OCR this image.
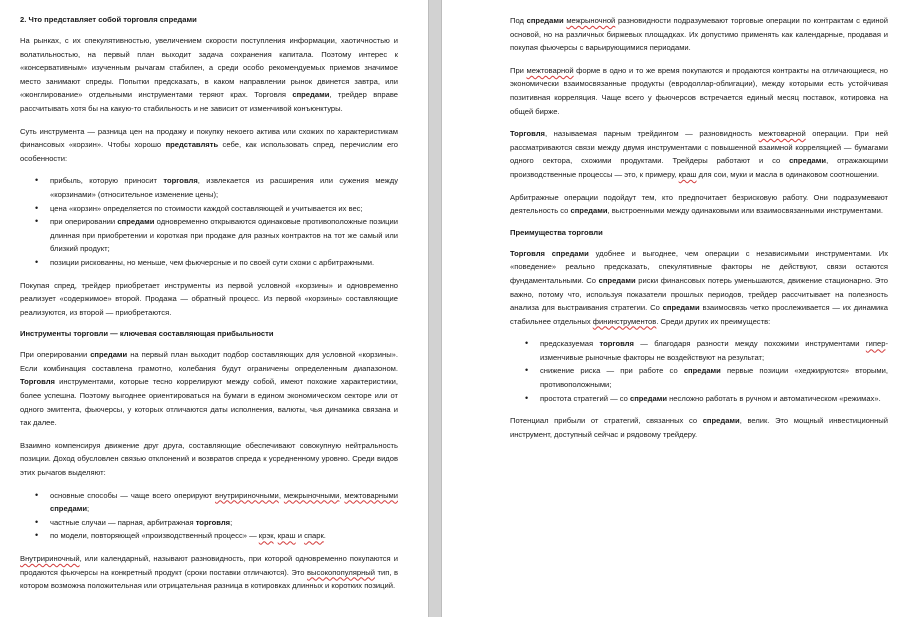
2. Что представляет собой торговля спредами

На рынках, с их спекулятивностью, увеличением скорости поступления информации, хаотичностью и волатильностью, на первый план выходит задача сохранения капитала. Поэтому интерес к «консервативным» изученным рычагам стабилен, а среди особо рекомендуемых приемов значимое место занимают спреды. Попытки предсказать, в каком направлении рынок двинется завтра, или «жонглирование» отдельными инструментами теряют крах. Торговля спредами, трейдер вправе рассчитывать хотя бы на какую-то стабильность и не зависит от изменчивой конъюнктуры.

Суть инструмента — разница цен на продажу и покупку некоего актива или схожих по характеристикам финансовых «корзин». Чтобы хорошо представлять себе, как использовать спред, перечислим его особенности:

• прибыль, которую приносит торговля, извлекается из расширения или сужения между «корзинами» (относительное изменение цены);
• цена «корзин» определяется по стоимости каждой составляющей и учитывается их вес;
• при оперировании спредами одновременно открываются одинаковые противоположные позиции длинная при приобретении и короткая при продаже для разных контрактов на тот же самый или близкий продукт;
• позиции рискованны, но меньше, чем фьючерсные и по своей сути схожи с арбитражными.

Покупая спред, трейдер приобретает инструменты из первой условной «корзины» и одновременно реализует «содержимое» второй. Продажа — обратный процесс. Из первой «корзины» составляющие реализуются, из второй — приобретаются.

Инструменты торговли — ключевая составляющая прибыльности

При оперировании спредами на первый план выходит подбор составляющих для условной «корзины». Если комбинация составлена грамотно, колебания будут ограничены определенным диапазоном. Торговля инструментами, которые тесно коррелируют между собой, имеют похожие характеристики, более успешна. Поэтому выгоднее ориентироваться на бумаги в едином экономическом секторе или от одного эмитента, фьючерсы, у которых отличаются даты исполнения, валюты, чья динамика связана и так далее.

Взаимно компенсируя движение друг друга, составляющие обеспечивают совокупную нейтральность позиции. Доход обусловлен связью отклонений и возвратов спреда к усредненному уровню. Среди видов этих рычагов выделяют:

• основные способы — чаще всего оперируют внутририночными, межрыночными, межтоварными спредами;
• частные случаи — парная, арбитражная торговля;
• по модели, повторяющей «производственный процесс» — крэк, краш и спарк.

Внутририночный, или календарный, называют разновидность, при которой одновременно покупаются и продаются фьючерсы на конкретный продукт (сроки поставки отличаются). Это высокопопулярный тип, в котором возможна положительная или отрицательная разница в котировках длинных и коротких позиций.

Под спредами межрыночной разновидности подразумевают торговые операции по контрактам с единой основой, но на различных биржевых площадках. Их допустимо применять как календарные, продавая и покупая фьючерсы с варьирующимися периодами.

При межтоварной форме в одно и то же время покупаются и продаются контракты на отличающиеся, но экономически взаимосвязанные продукты (евродоллар-облигации), между которыми есть устойчивая позитивная корреляция. Чаще всего у фьючерсов встречается единый месяц поставок, котировка на общей бирже.

Торговля, называемая парным трейдингом — разновидность межтоварной операции. При ней рассматриваются связи между двумя инструментами с повышенной взаимной корреляцией — бумагами одного сектора, схожими продуктами. Трейдеры работают и со спредами, отражающими производственные процессы — это, к примеру, краш для сои, муки и масла в одинаковом соотношении.

Арбитражные операции подойдут тем, кто предпочитает безрисковую работу. Они подразумевают деятельность со спредами, выстроенными между одинаковыми или взаимосвязанными инструментами.

Преимущества торговли

Торговля спредами удобнее и выгоднее, чем операции с независимыми инструментами. Их «поведение» реально предсказать, спекулятивные факторы не действуют, связи остаются фундаментальными. Со спредами риски финансовых потерь уменьшаются, движение стационарно. Это важно, потому что, используя показатели прошлых периодов, трейдер рассчитывает на полезность анализа для выстраивания стратегии. Со спредами взаимосвязь четко прослеживается — их динамика стабильнее отдельных фининструментов. Среди других их преимуществ:

• предсказуемая торговля — благодаря разности между похожими инструментами гипер-изменчивые рыночные факторы не воздействуют на результат;
• снижение риска — при работе со спредами первые позиции «хеджируются» вторыми, противоположными;
• простота стратегий — со спредами несложно работать в ручном и автоматическом «режимах».

Потенциал прибыли от стратегий, связанных со спредами, велик. Это мощный инвестиционный инструмент, доступный сейчас и рядовому трейдеру.
